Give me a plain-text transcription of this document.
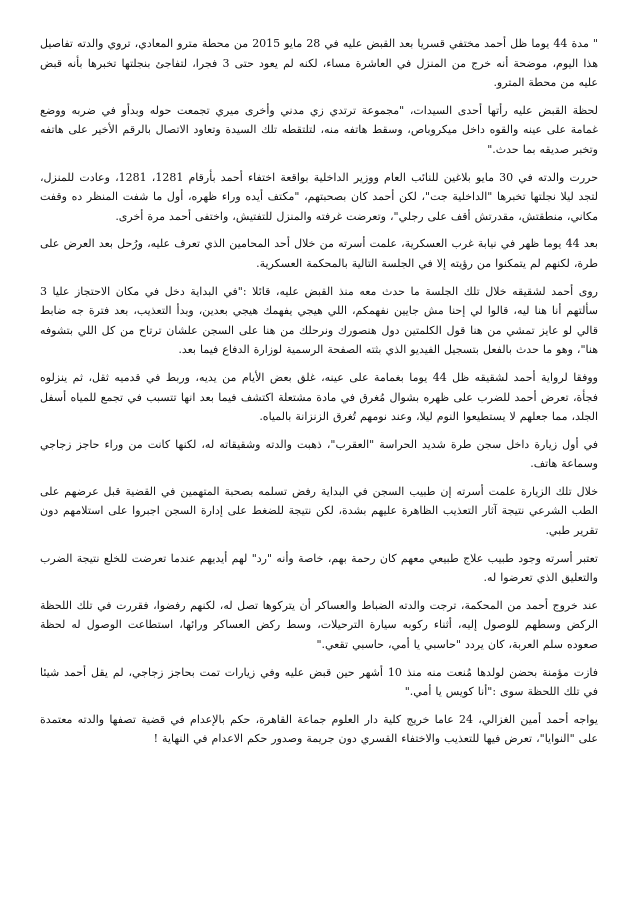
" مدة 44 يوما ظل أحمد مختفي قسريا بعد القبض عليه في 28 مايو 2015 من محطة مترو المعادي، تروي والدته تفاصيل هذا اليوم، موضحة أنه خرج من المنزل في العاشرة مساء، لكنه لم يعود حتى 3 فجرا، لتفاجئ بنجلتها تخبرها بأنه قبض عليه من محطة المترو.

لحظة القبض عليه رأتها أحدى السيدات، "مجموعة ترتدي زي مدني وأخرى ميري تجمعت حوله وبدأو في ضربه ووضع غمامة على عينه والقوه داخل ميكروباص، وسقط هاتفه منه، لتلتقطه تلك السيدة وتعاود الاتصال بالرقم الأخير على هاتفه وتخبر صديقه بما حدث."

حررت والدته في 30 مايو بلاغين للنائب العام ووزير الداخلية بواقعة اختفاء أحمد بأرقام 1281، 1281، وعادت للمنزل، لتجد ليلا نجلتها تخبرها "الداخلية جت"، لكن أحمد كان بصحبتهم، "مكتف أيده وراء ظهره، أول ما شفت المنظر ده وقفت مكاني، منطقتش، مقدرتش أقف على رجلي"، وتعرضت غرفته والمنزل للتفتيش، واختفى أحمد مرة أخرى.

بعد 44 يوما ظهر في نيابة غرب العسكرية، علمت أسرته من خلال أحد المحامين الذي تعرف عليه، ورُحل بعد العرض على طرة، لكنهم لم يتمكنوا من رؤيته إلا في الجلسة التالية بالمحكمة العسكرية.

روى أحمد لشقيقه خلال تلك الجلسة ما حدث معه منذ القبض عليه، قائلا :"في البداية دخل في مكان الاحتجاز عليا 3 سألتهم أنا هنا ليه، قالوا لي إحنا مش جايين نفهمكم، اللي هيجي يفهمك هيجي بعدين، وبدأ التعذيب، بعد فترة جه ضابط قالي لو عايز تمشي من هنا قول الكلمتين دول هنصورك ونرحلك من هنا على السجن علشان ترتاح من كل اللي بتشوفه هنا"، وهو ما حدث بالفعل بتسجيل الفيديو الذي بثته الصفحة الرسمية لوزارة الدفاع فيما بعد.

ووفقا لرواية أحمد لشقيقه ظل 44 يوما بغمامة على عينه، غلق بعض الأيام من يديه، وربط في قدميه ثقل، ثم ينزلوه فجأة، تعرض أحمد للضرب على ظهره بشوال مُغرق في مادة مشتعلة اكتشف فيما بعد انها تتسبب في تجمع للمياه أسفل الجلد، مما جعلهم لا يستطيعوا النوم ليلا، وعند نومهم تُغرق الزنزانة بالمياه.

في أول زيارة داخل سجن طرة شديد الحراسة "العقرب"، ذهبت والدته وشقيقاته له، لكنها كانت من وراء حاجز زجاجي وسماعة هاتف.

خلال تلك الزيارة علمت أسرته إن طبيب السجن في البداية رفض تسلمه بصحبة المتهمين في القضية قبل عرضهم على الطب الشرعي نتيجة آثار التعذيب الظاهرة عليهم بشدة، لكن نتيجة للضغط على إدارة السجن اجبروا على استلامهم دون تقرير طبي.

تعتبر أسرته وجود طبيب علاج طبيعي معهم كان رحمة بهم، خاصة وأنه "رد" لهم أيديهم عندما تعرضت للخلع نتيجة الضرب والتعليق الذي تعرضوا له.

عند خروج أحمد من المحكمة، ترجت والدته الضباط والعساكر أن يتركوها تصل له، لكنهم رفضوا، فقررت في تلك اللحظة الركض وسطهم للوصول إليه، أثناء ركوبه سيارة الترحيلات، وسط ركض العساكر ورائها، استطاعت الوصول له لحظة صعوده سلم العربة، كان يردد "حاسبي يا أمي، حاسبي تقعي."

فازت مؤمنة بحضن لولدها مُنعت منه منذ 10 أشهر حين قبض عليه وفي زيارات تمت بحاجز زجاجي، لم يقل أحمد شيئا في تلك اللحظة سوى :"أنا كويس يا أمي."

يواجه أحمد أمين الغزالي، 24 عاما خريج كلية دار العلوم جماعة القاهرة، حكم بالإعدام في قضية تصفها والدته معتمدة على "النوايا"، تعرض فيها للتعذيب والاختفاء القسري دون جريمة وصدور حكم الاعدام في النهاية !
